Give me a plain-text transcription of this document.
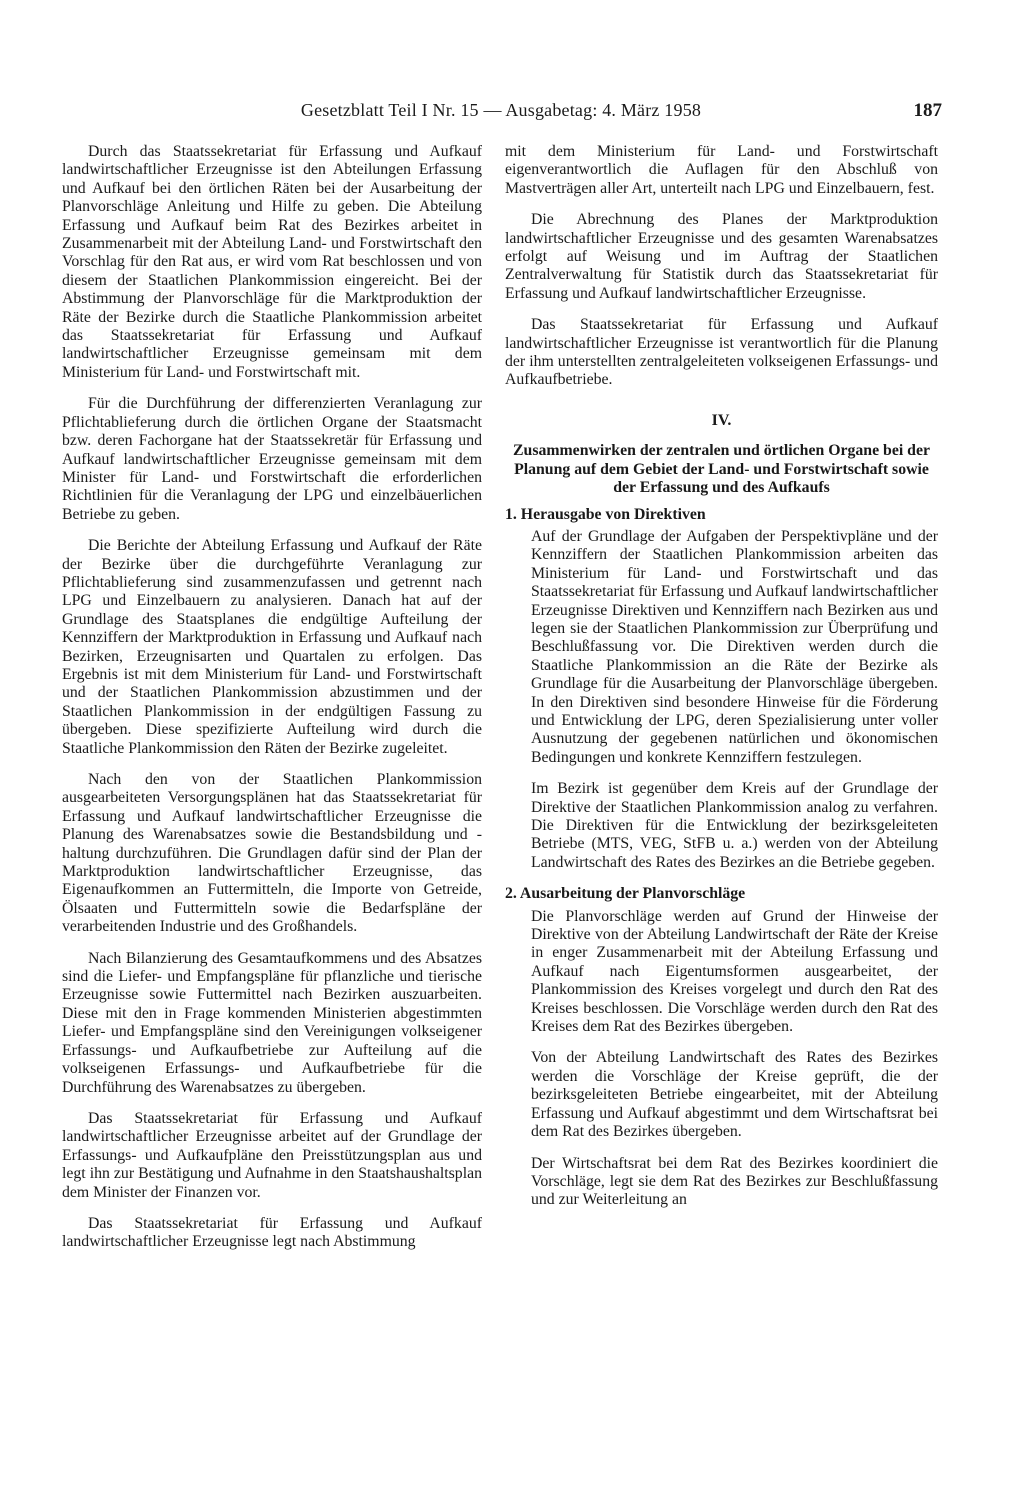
Gesetzblatt Teil I Nr. 15 — Ausgabetag: 4. März 1958	187

Durch das Staatssekretariat für Erfassung und Aufkauf landwirtschaftlicher Erzeugnisse ist den Abteilungen Erfassung und Aufkauf bei den örtlichen Räten bei der Ausarbeitung der Planvorschläge Anleitung und Hilfe zu geben. Die Abteilung Erfassung und Aufkauf beim Rat des Bezirkes arbeitet in Zusammenarbeit mit der Abteilung Land- und Forstwirtschaft den Vorschlag für den Rat aus, er wird vom Rat beschlossen und von diesem der Staatlichen Plankommission eingereicht. Bei der Abstimmung der Planvorschläge für die Marktproduktion der Räte der Bezirke durch die Staatliche Plankommission arbeitet das Staatssekretariat für Erfassung und Aufkauf landwirtschaftlicher Erzeugnisse gemeinsam mit dem Ministerium für Land- und Forstwirtschaft mit.

Für die Durchführung der differenzierten Veranlagung zur Pflichtablieferung durch die örtlichen Organe der Staatsmacht bzw. deren Fachorgane hat der Staatssekretär für Erfassung und Aufkauf landwirtschaftlicher Erzeugnisse gemeinsam mit dem Minister für Land- und Forstwirtschaft die erforderlichen Richtlinien für die Veranlagung der LPG und einzelbäuerlichen Betriebe zu geben.

Die Berichte der Abteilung Erfassung und Aufkauf der Räte der Bezirke über die durchgeführte Veranlagung zur Pflichtablieferung sind zusammenzufassen und getrennt nach LPG und Einzelbauern zu analysieren. Danach hat auf der Grundlage des Staatsplanes die endgültige Aufteilung der Kennziffern der Marktproduktion in Erfassung und Aufkauf nach Bezirken, Erzeugnisarten und Quartalen zu erfolgen. Das Ergebnis ist mit dem Ministerium für Land- und Forstwirtschaft und der Staatlichen Plankommission abzustimmen und der Staatlichen Plankommission in der endgültigen Fassung zu übergeben. Diese spezifizierte Aufteilung wird durch die Staatliche Plankommission den Räten der Bezirke zugeleitet.

Nach den von der Staatlichen Plankommission ausgearbeiteten Versorgungsplänen hat das Staatssekretariat für Erfassung und Aufkauf landwirtschaftlicher Erzeugnisse die Planung des Warenabsatzes sowie die Bestandsbildung und -haltung durchzuführen. Die Grundlagen dafür sind der Plan der Marktproduktion landwirtschaftlicher Erzeugnisse, das Eigenaufkommen an Futtermitteln, die Importe von Getreide, Ölsaaten und Futtermitteln sowie die Bedarfspläne der verarbeitenden Industrie und des Großhandels.

Nach Bilanzierung des Gesamtaufkommens und des Absatzes sind die Liefer- und Empfangspläne für pflanzliche und tierische Erzeugnisse sowie Futtermittel nach Bezirken auszuarbeiten. Diese mit den in Frage kommenden Ministerien abgestimmten Liefer- und Empfangspläne sind den Vereinigungen volkseigener Erfassungs- und Aufkaufbetriebe zur Aufteilung auf die volkseigenen Erfassungs- und Aufkaufbetriebe für die Durchführung des Warenabsatzes zu übergeben.

Das Staatssekretariat für Erfassung und Aufkauf landwirtschaftlicher Erzeugnisse arbeitet auf der Grundlage der Erfassungs- und Aufkaufpläne den Preisstützungsplan aus und legt ihn zur Bestätigung und Aufnahme in den Staatshaushaltsplan dem Minister der Finanzen vor.

Das Staatssekretariat für Erfassung und Aufkauf landwirtschaftlicher Erzeugnisse legt nach Abstimmung

mit dem Ministerium für Land- und Forstwirtschaft eigenverantwortlich die Auflagen für den Abschluß von Mastverträgen aller Art, unterteilt nach LPG und Einzelbauern, fest.

Die Abrechnung des Planes der Marktproduktion landwirtschaftlicher Erzeugnisse und des gesamten Warenabsatzes erfolgt auf Weisung und im Auftrag der Staatlichen Zentralverwaltung für Statistik durch das Staatssekretariat für Erfassung und Aufkauf landwirtschaftlicher Erzeugnisse.

Das Staatssekretariat für Erfassung und Aufkauf landwirtschaftlicher Erzeugnisse ist verantwortlich für die Planung der ihm unterstellten zentralgeleiteten volkseigenen Erfassungs- und Aufkaufbetriebe.

IV.
Zusammenwirken der zentralen und örtlichen Organe bei der Planung auf dem Gebiet der Land- und Forstwirtschaft sowie der Erfassung und des Aufkaufs
1. Herausgabe von Direktiven

Auf der Grundlage der Aufgaben der Perspektivpläne und der Kennziffern der Staatlichen Plankommission arbeiten das Ministerium für Land- und Forstwirtschaft und das Staatssekretariat für Erfassung und Aufkauf landwirtschaftlicher Erzeugnisse Direktiven und Kennziffern nach Bezirken aus und legen sie der Staatlichen Plankommission zur Überprüfung und Beschlußfassung vor. Die Direktiven werden durch die Staatliche Plankommission an die Räte der Bezirke als Grundlage für die Ausarbeitung der Planvorschläge übergeben. In den Direktiven sind besondere Hinweise für die Förderung und Entwicklung der LPG, deren Spezialisierung unter voller Ausnutzung der gegebenen natürlichen und ökonomischen Bedingungen und konkrete Kennziffern festzulegen.

Im Bezirk ist gegenüber dem Kreis auf der Grundlage der Direktive der Staatlichen Plankommission analog zu verfahren. Die Direktiven für die Entwicklung der bezirksgeleiteten Betriebe (MTS, VEG, StFB u. a.) werden von der Abteilung Landwirtschaft des Rates des Bezirkes an die Betriebe gegeben.

2. Ausarbeitung der Planvorschläge

Die Planvorschläge werden auf Grund der Hinweise der Direktive von der Abteilung Landwirtschaft der Räte der Kreise in enger Zusammenarbeit mit der Abteilung Erfassung und Aufkauf nach Eigentumsformen ausgearbeitet, der Plankommission des Kreises vorgelegt und durch den Rat des Kreises beschlossen. Die Vorschläge werden durch den Rat des Kreises dem Rat des Bezirkes übergeben.

Von der Abteilung Landwirtschaft des Rates des Bezirkes werden die Vorschläge der Kreise geprüft, die der bezirksgeleiteten Betriebe eingearbeitet, mit der Abteilung Erfassung und Aufkauf abgestimmt und dem Wirtschaftsrat bei dem Rat des Bezirkes übergeben.

Der Wirtschaftsrat bei dem Rat des Bezirkes koordiniert die Vorschläge, legt sie dem Rat des Bezirkes zur Beschlußfassung und zur Weiterleitung an
